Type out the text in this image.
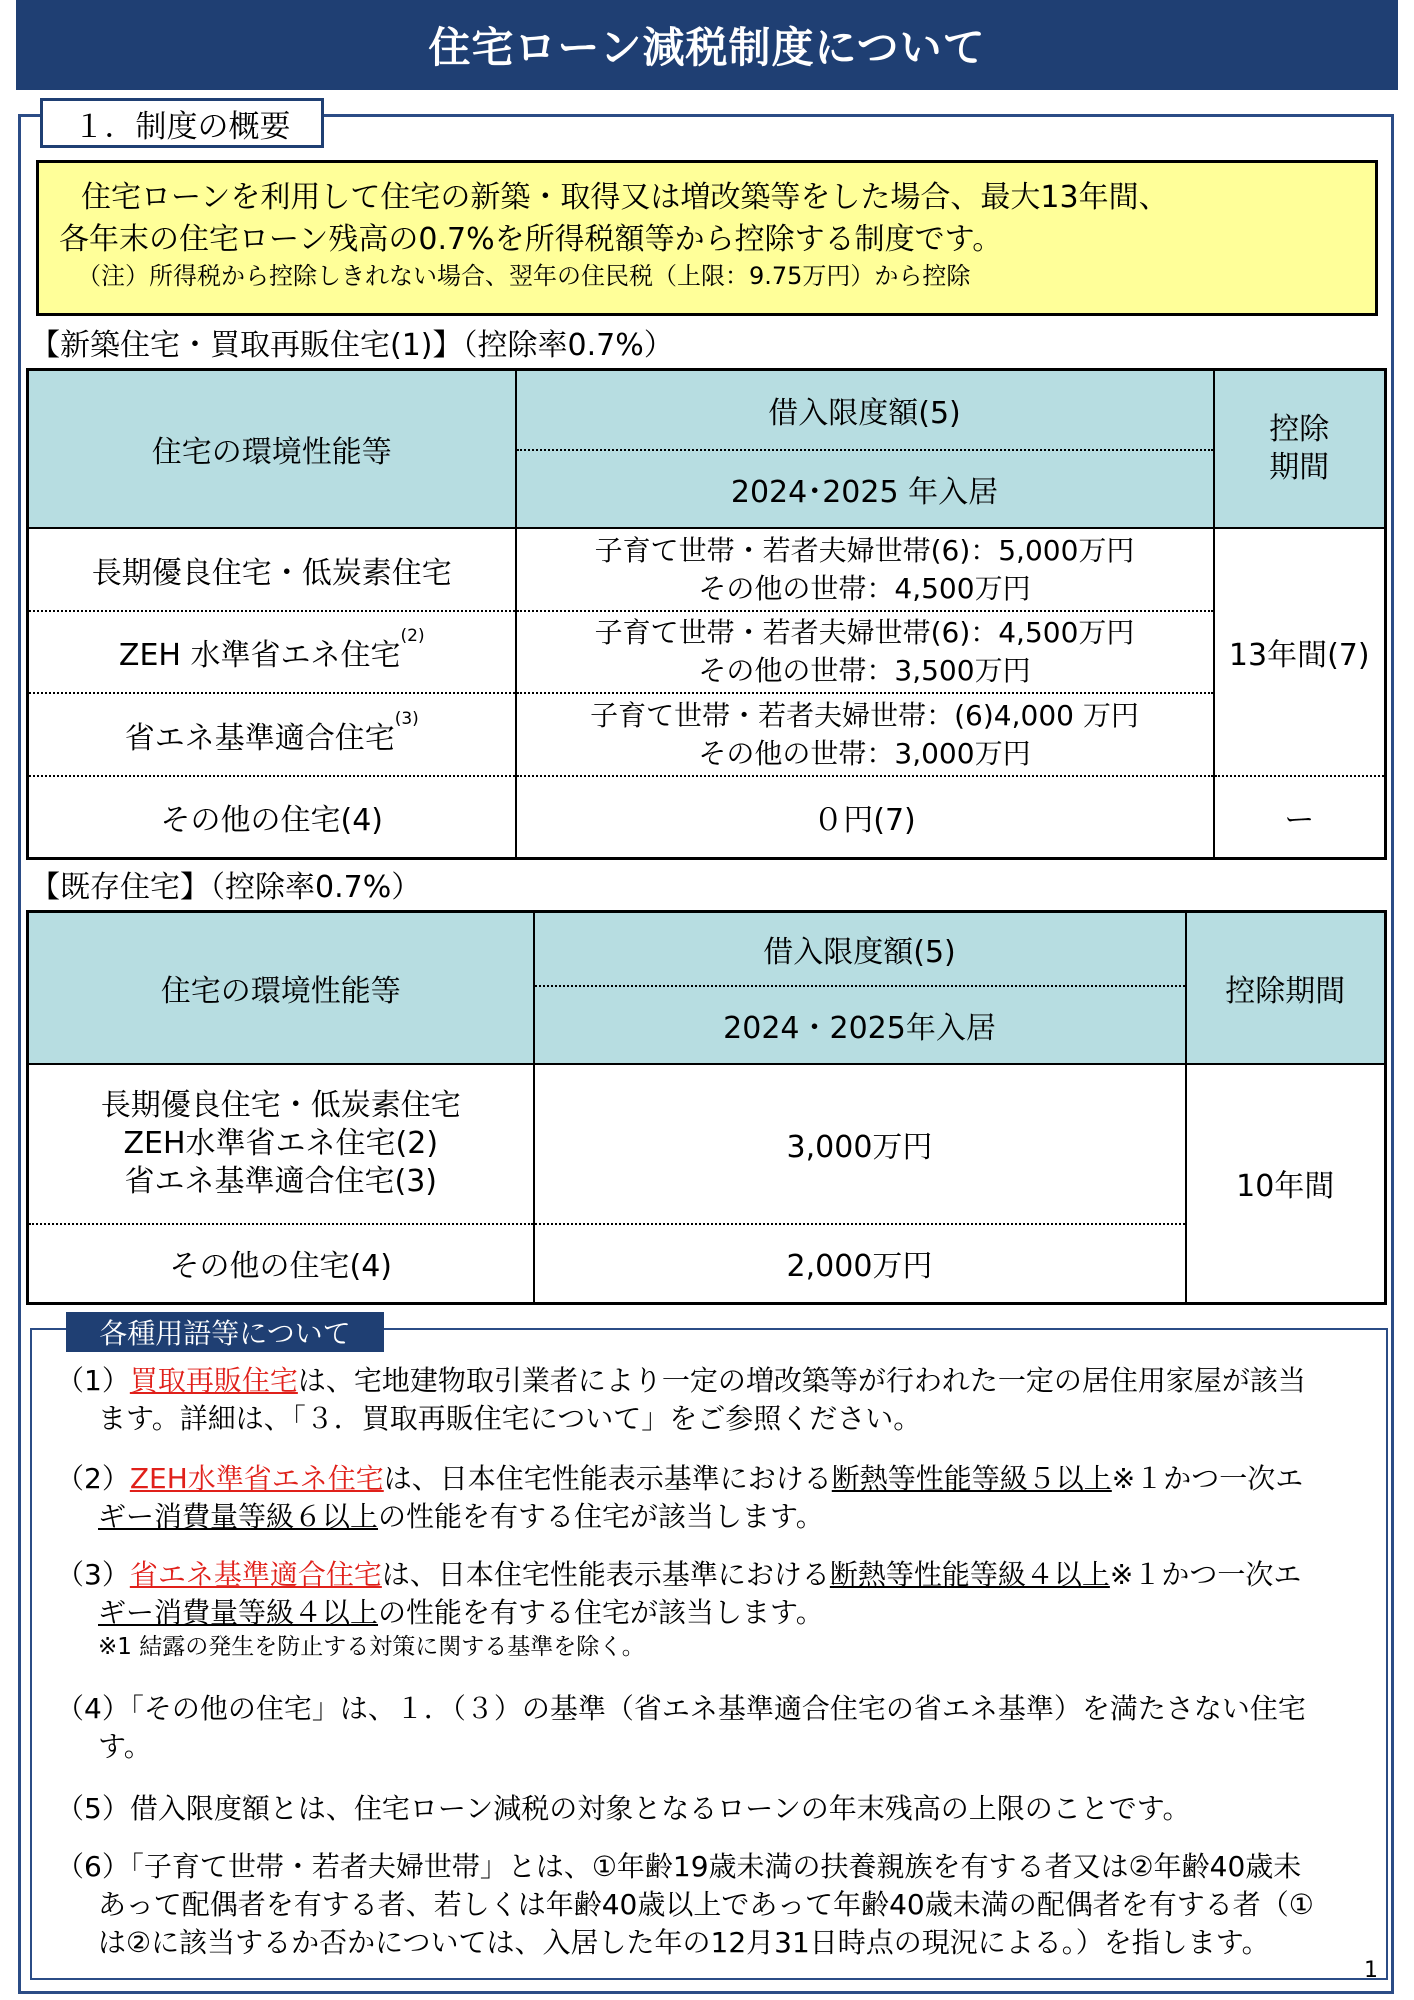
住宅ローン減税制度について
１．制度の概要
住宅ローンを利用して住宅の新築・取得又は増改築等をした場合、最大13年間、
各年末の住宅ローン残高の0.7%を所得税額等から控除する制度です。
（注）所得税から控除しきれない場合、翌年の住民税（上限：9.75万円）から控除
【新築住宅・買取再販住宅(1)】（控除率0.7%）
住宅の環境性能等	借入限度額(5)	控除
期間

	2024･2025 年入居	
長期優良住宅・低炭素住宅	子育て世帯・若者夫婦世帯(6)：5,000万円
その他の世帯：4,500万円	13年間(7)
ZEH 水準省エネ住宅$^{(2)}$	子育て世帯・若者夫婦世帯(6)：4,500万円
その他の世帯：3,500万円	

省エネ基準適合住宅$^{(3)}$	子育て世帯・若者夫婦世帯：(6)4,000 万円
その他の世帯：3,000万円	

その他の住宅(4)	０円(7)	ー
【既存住宅】（控除率0.7%）
住宅の環境性能等	借入限度額(5)	控除期間
	2024・2025年入居	

長期優良住宅・低炭素住宅
ZEH水準省エネ住宅(2)
省エネ基準適合住宅(3)	3,000万円	10年間
その他の住宅(4)	2,000万円	
各種用語等について
（1）買取再販住宅は、宅地建物取引業者により一定の増改築等が行われた一定の居住用家屋が該当
ます。詳細は、「３．買取再販住宅について」をご参照ください。
（2）ZEH水準省エネ住宅は、日本住宅性能表示基準における断熱等性能等級５以上※１かつ一次エ
ギー消費量等級６以上の性能を有する住宅が該当します。
（3）省エネ基準適合住宅は、日本住宅性能表示基準における断熱等性能等級４以上※１かつ一次エ
ギー消費量等級４以上の性能を有する住宅が該当します。
※1 結露の発生を防止する対策に関する基準を除く。
（4）「その他の住宅」は、１．（３）の基準（省エネ基準適合住宅の省エネ基準）を満たさない住宅
す。
（5）借入限度額とは、住宅ローン減税の対象となるローンの年末残高の上限のことです。
（6）「子育て世帯・若者夫婦世帯」とは、①年齢19歳未満の扶養親族を有する者又は②年齢40歳未
あって配偶者を有する者、若しくは年齢40歳以上であって年齢40歳未満の配偶者を有する者（①
は②に該当するか否かについては、入居した年の12月31日時点の現況による。）を指します。
1
